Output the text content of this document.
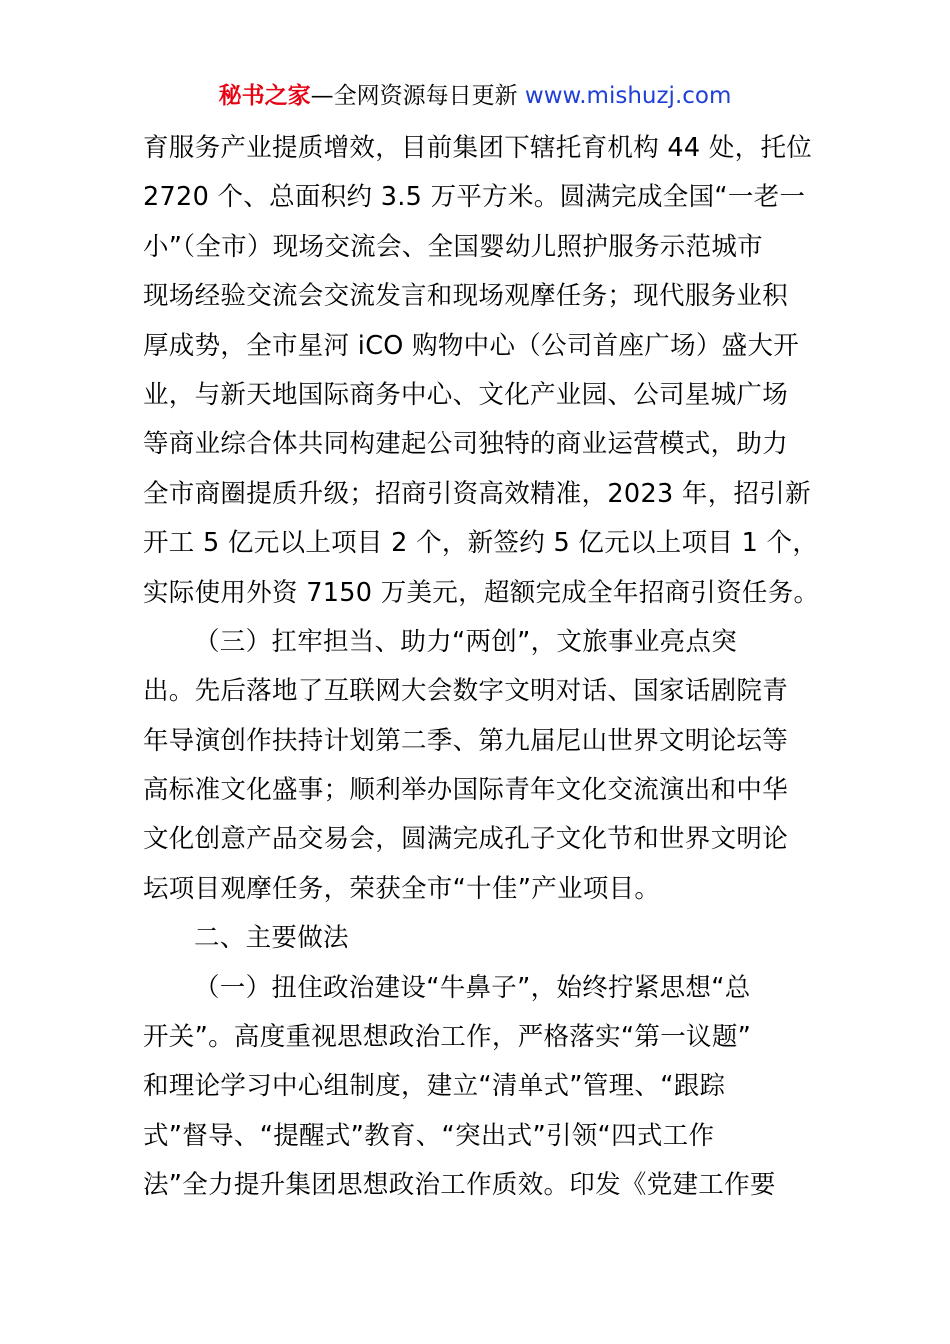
秘书之家—全网资源每日更新 www.mishuzj.com
育服务产业提质增效，目前集团下辖托育机构 44 处，托位
2720 个、总面积约 3.5 万平方米。圆满完成全国“一老一
小”（全市）现场交流会、全国婴幼儿照护服务示范城市
现场经验交流会交流发言和现场观摩任务；现代服务业积
厚成势，全市星河 iCO 购物中心（公司首座广场）盛大开
业，与新天地国际商务中心、文化产业园、公司星城广场
等商业综合体共同构建起公司独特的商业运营模式，助力
全市商圈提质升级；招商引资高效精准，2023 年，招引新
开工 5 亿元以上项目 2 个，新签约 5 亿元以上项目 1 个，
实际使用外资 7150 万美元，超额完成全年招商引资任务。
（三）扛牢担当、助力“两创”，文旅事业亮点突
出。先后落地了互联网大会数字文明对话、国家话剧院青
年导演创作扶持计划第二季、第九届尼山世界文明论坛等
高标准文化盛事；顺利举办国际青年文化交流演出和中华
文化创意产品交易会，圆满完成孔子文化节和世界文明论
坛项目观摩任务，荣获全市“十佳”产业项目。
二、主要做法
（一）扭住政治建设“牛鼻子”，始终拧紧思想“总
开关”。高度重视思想政治工作，严格落实“第一议题”
和理论学习中心组制度，建立“清单式”管理、“跟踪
式”督导、“提醒式”教育、“突出式”引领“四式工作
法”全力提升集团思想政治工作质效。印发《党建工作要
